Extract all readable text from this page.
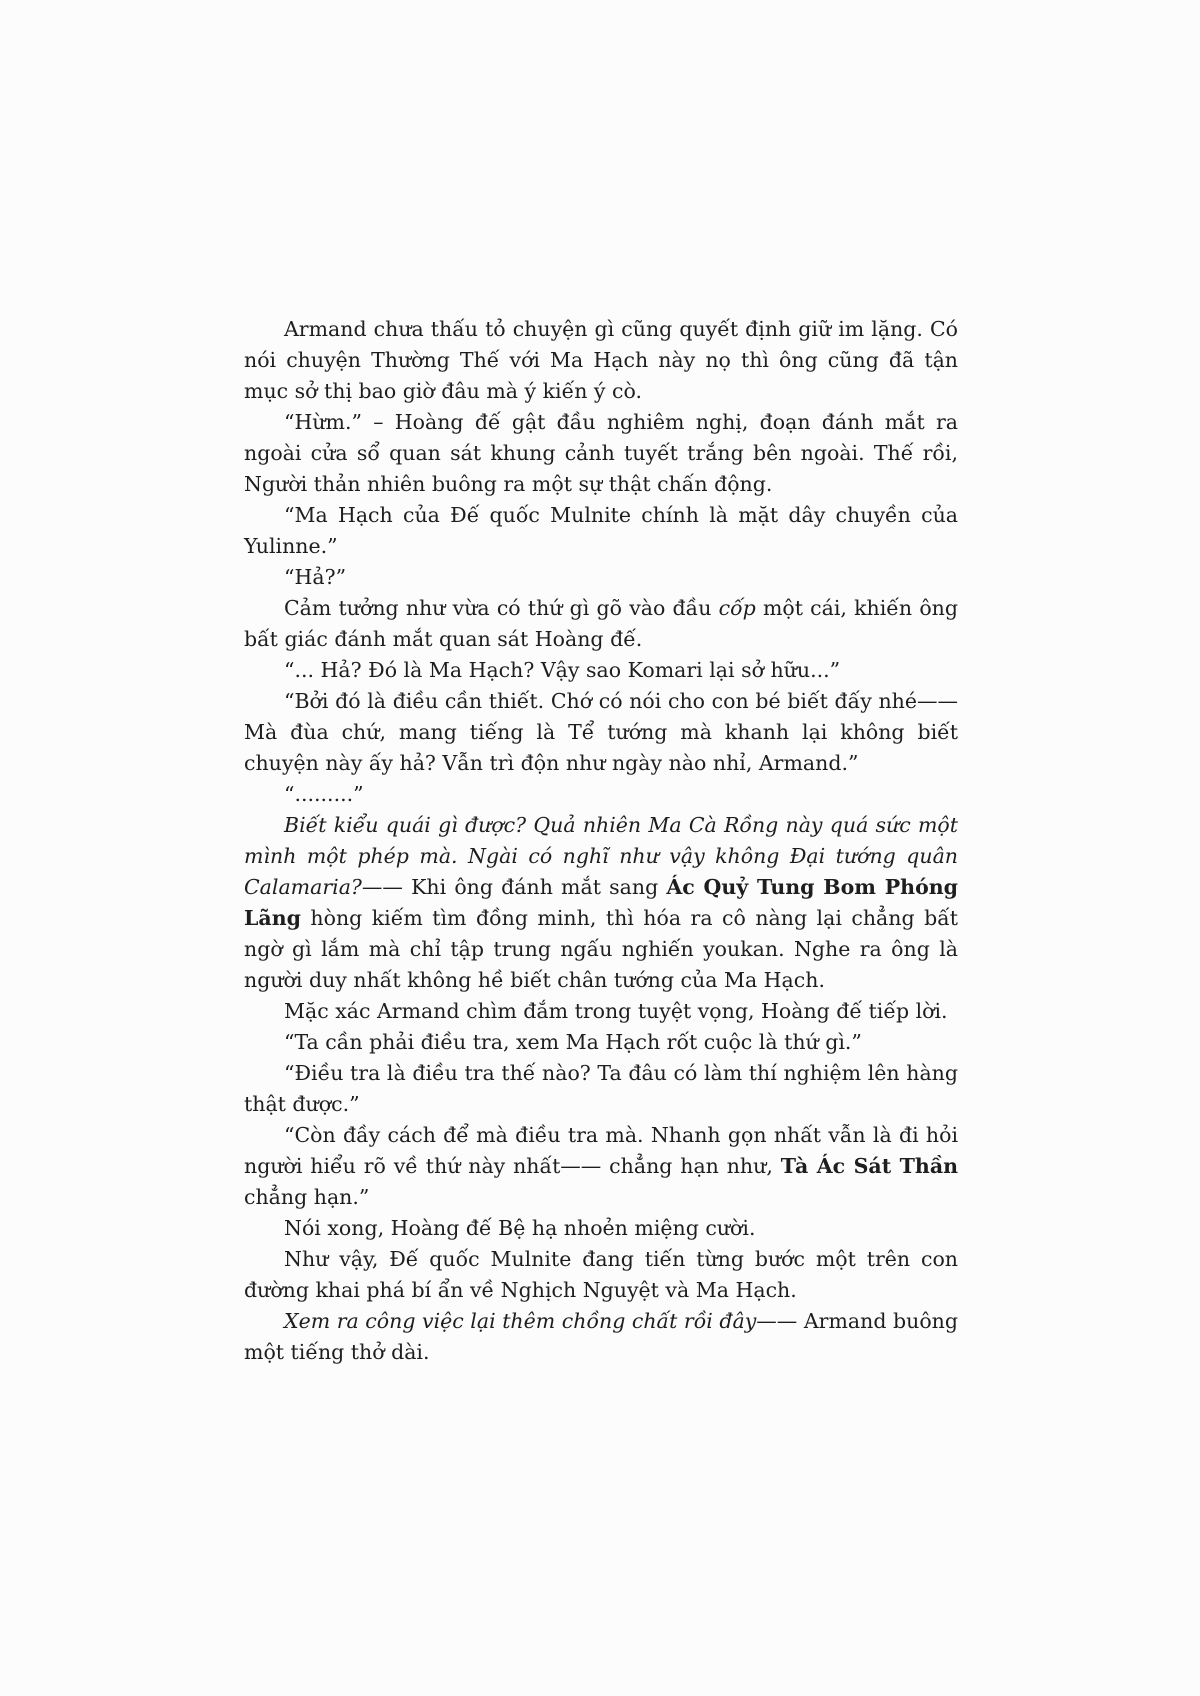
Armand chưa thấu tỏ chuyện gì cũng quyết định giữ im lặng. Có nói chuyện Thường Thế với Ma Hạch này nọ thì ông cũng đã tận mục sở thị bao giờ đâu mà ý kiến ý cò.

“Hừm.” – Hoàng đế gật đầu nghiêm nghị, đoạn đánh mắt ra ngoài cửa sổ quan sát khung cảnh tuyết trắng bên ngoài. Thế rồi, Người thản nhiên buông ra một sự thật chấn động.

“Ma Hạch của Đế quốc Mulnite chính là mặt dây chuyền của Yulinne.”

“Hả?”

Cảm tưởng như vừa có thứ gì gõ vào đầu cốp một cái, khiến ông bất giác đánh mắt quan sát Hoàng đế.

“... Hả? Đó là Ma Hạch? Vậy sao Komari lại sở hữu...”

“Bởi đó là điều cần thiết. Chớ có nói cho con bé biết đấy nhé—— Mà đùa chứ, mang tiếng là Tể tướng mà khanh lại không biết chuyện này ấy hả? Vẫn trì độn như ngày nào nhỉ, Armand.”

“.........”

Biết kiểu quái gì được? Quả nhiên Ma Cà Rồng này quá sức một mình một phép mà. Ngài có nghĩ như vậy không Đại tướng quân Calamaria?—— Khi ông đánh mắt sang Ác Quỷ Tung Bom Phóng Lãng hòng kiếm tìm đồng minh, thì hóa ra cô nàng lại chẳng bất ngờ gì lắm mà chỉ tập trung ngấu nghiến youkan. Nghe ra ông là người duy nhất không hề biết chân tướng của Ma Hạch.

Mặc xác Armand chìm đắm trong tuyệt vọng, Hoàng đế tiếp lời.

“Ta cần phải điều tra, xem Ma Hạch rốt cuộc là thứ gì.”

“Điều tra là điều tra thế nào? Ta đâu có làm thí nghiệm lên hàng thật được.”

“Còn đầy cách để mà điều tra mà. Nhanh gọn nhất vẫn là đi hỏi người hiểu rõ về thứ này nhất—— chẳng hạn như, Tà Ác Sát Thần chẳng hạn.”

Nói xong, Hoàng đế Bệ hạ nhoẻn miệng cười.

Như vậy, Đế quốc Mulnite đang tiến từng bước một trên con đường khai phá bí ẩn về Nghịch Nguyệt và Ma Hạch.

Xem ra công việc lại thêm chồng chất rồi đây—— Armand buông một tiếng thở dài.
